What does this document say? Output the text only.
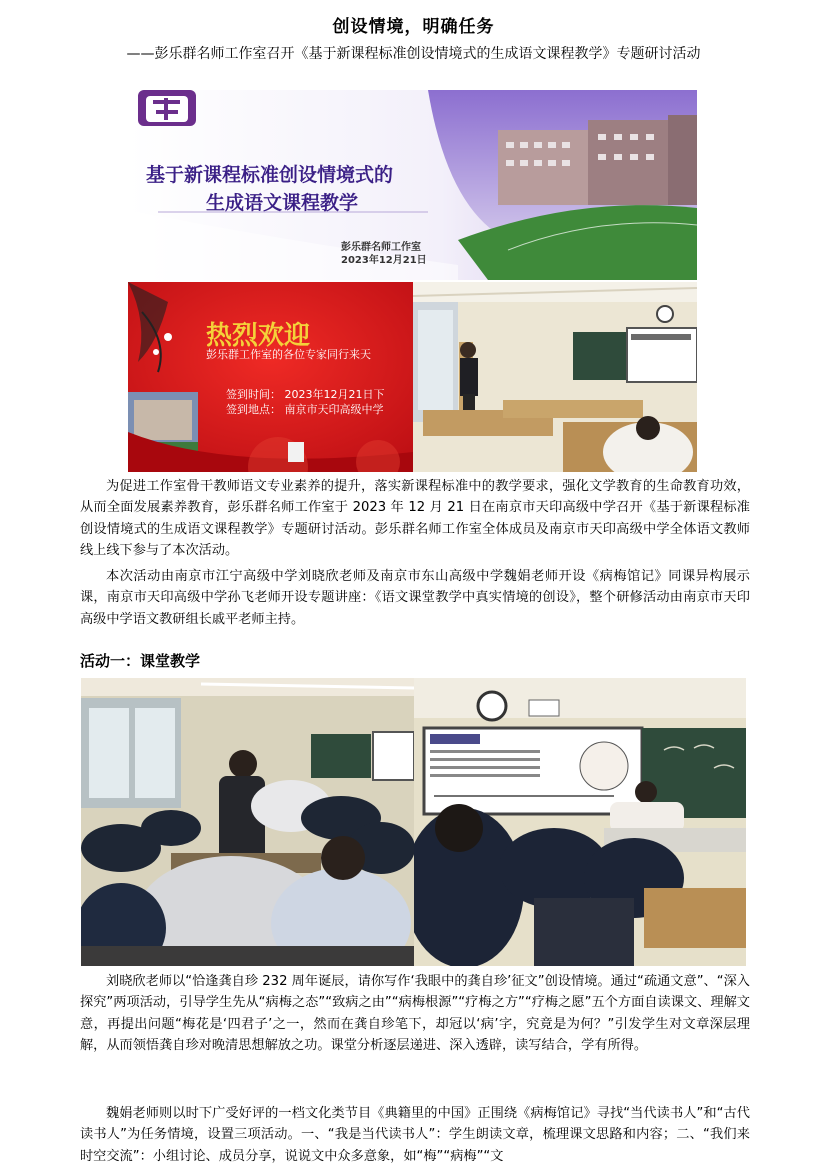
创设情境，明确任务
——彭乐群名师工作室召开《基于新课程标准创设情境式的生成语文课程教学》专题研讨活动
基于新课程标准创设情境式的
生成语文课程教学
彭乐群名师工作室
2023年12月21日
热烈欢迎
彭乐群工作室的各位专家同行来天
签到时间： 2023年12月21日下
签到地点： 南京市天印高级中学

为促进工作室骨干教师语文专业素养的提升，落实新课程标准中的教学要求，强化文学教育的生命教育功效，从而全面发展素养教育，彭乐群名师工作室于 2023 年 12 月 21 日在南京市天印高级中学召开《基于新课程标准创设情境式的生成语文课程教学》专题研讨活动。彭乐群名师工作室全体成员及南京市天印高级中学全体语文教师线上线下参与了本次活动。

本次活动由南京市江宁高级中学刘晓欣老师及南京市东山高级中学魏娟老师开设《病梅馆记》同课异构展示课，南京市天印高级中学孙飞老师开设专题讲座：《语文课堂教学中真实情境的创设》，整个研修活动由南京市天印高级中学语文教研组长戚平老师主持。

活动一：课堂教学

刘晓欣老师以“恰逢龚自珍 232 周年诞辰，请你写作‘我眼中的龚自珍’征文”创设情境。通过“疏通文意”、“深入探究”两项活动，引导学生先从“病梅之态”“致病之由”“病梅根源”“疗梅之方”“疗梅之愿”五个方面自读课文、理解文意，再提出问题“梅花是‘四君子’之一，然而在龚自珍笔下，却冠以‘病’字，究竟是为何？”引发学生对文章深层理解，从而领悟龚自珍对晚清思想解放之功。课堂分析逐层递进、深入透辟，读写结合，学有所得。

魏娟老师则以时下广受好评的一档文化类节目《典籍里的中国》正围绕《病梅馆记》寻找“当代读书人”和“古代读书人”为任务情境，设置三项活动。一、“我是当代读书人”：学生朗读文章，梳理课文思路和内容；二、“我们来时空交流”：小组讨论、成员分享，说说文中众多意象，如“梅”“病梅”“文
